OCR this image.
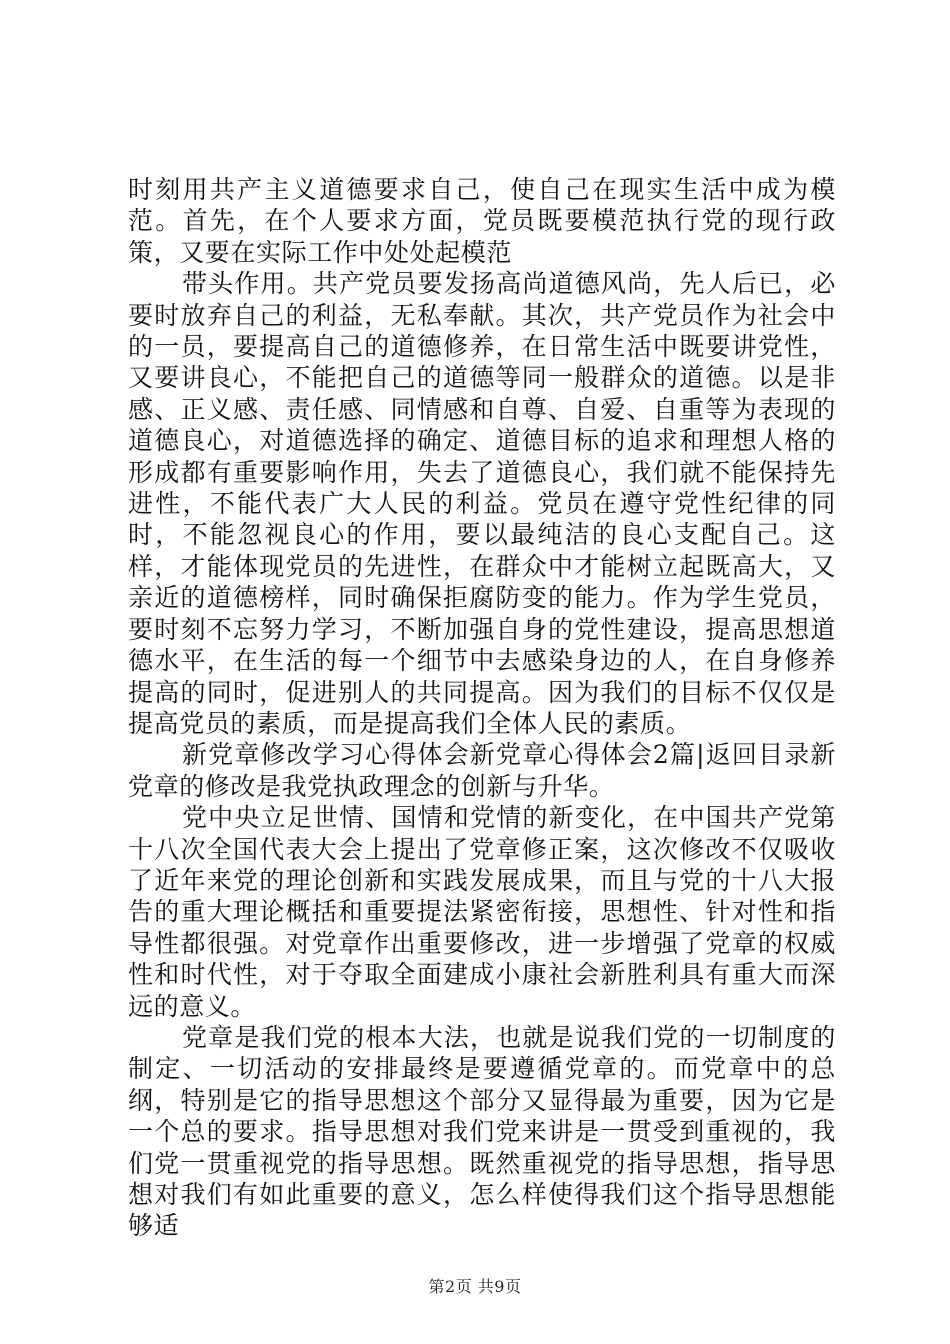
时刻用共产主义道德要求自己，使自己在现实生活中成为模范。首先，在个人要求方面，党员既要模范执行党的现行政策，又要在实际工作中处处起模范

带头作用。共产党员要发扬高尚道德风尚，先人后已，必要时放弃自己的利益，无私奉献。其次，共产党员作为社会中的一员，要提高自己的道德修养，在日常生活中既要讲党性，又要讲良心，不能把自己的道德等同一般群众的道德。以是非感、正义感、责任感、同情感和自尊、自爱、自重等为表现的道德良心，对道德选择的确定、道德目标的追求和理想人格的形成都有重要影响作用，失去了道德良心，我们就不能保持先进性，不能代表广大人民的利益。党员在遵守党性纪律的同时，不能忽视良心的作用，要以最纯洁的良心支配自己。这样，才能体现党员的先进性，在群众中才能树立起既高大，又亲近的道德榜样，同时确保拒腐防变的能力。作为学生党员，要时刻不忘努力学习，不断加强自身的党性建设，提高思想道德水平，在生活的每一个细节中去感染身边的人，在自身修养提高的同时，促进别人的共同提高。因为我们的目标不仅仅是提高党员的素质，而是提高我们全体人民的素质。

新党章修改学习心得体会新党章心得体会2篇|返回目录新党章的修改是我党执政理念的创新与升华。

党中央立足世情、国情和党情的新变化，在中国共产党第十八次全国代表大会上提出了党章修正案，这次修改不仅吸收了近年来党的理论创新和实践发展成果，而且与党的十八大报告的重大理论概括和重要提法紧密衔接，思想性、针对性和指导性都很强。对党章作出重要修改，进一步增强了党章的权威性和时代性，对于夺取全面建成小康社会新胜利具有重大而深远的意义。

党章是我们党的根本大法，也就是说我们党的一切制度的制定、一切活动的安排最终是要遵循党章的。而党章中的总纲，特别是它的指导思想这个部分又显得最为重要，因为它是一个总的要求。指导思想对我们党来讲是一贯受到重视的，我们党一贯重视党的指导思想。既然重视党的指导思想，指导思想对我们有如此重要的意义，怎么样使得我们这个指导思想能够适

第2页 共9页
